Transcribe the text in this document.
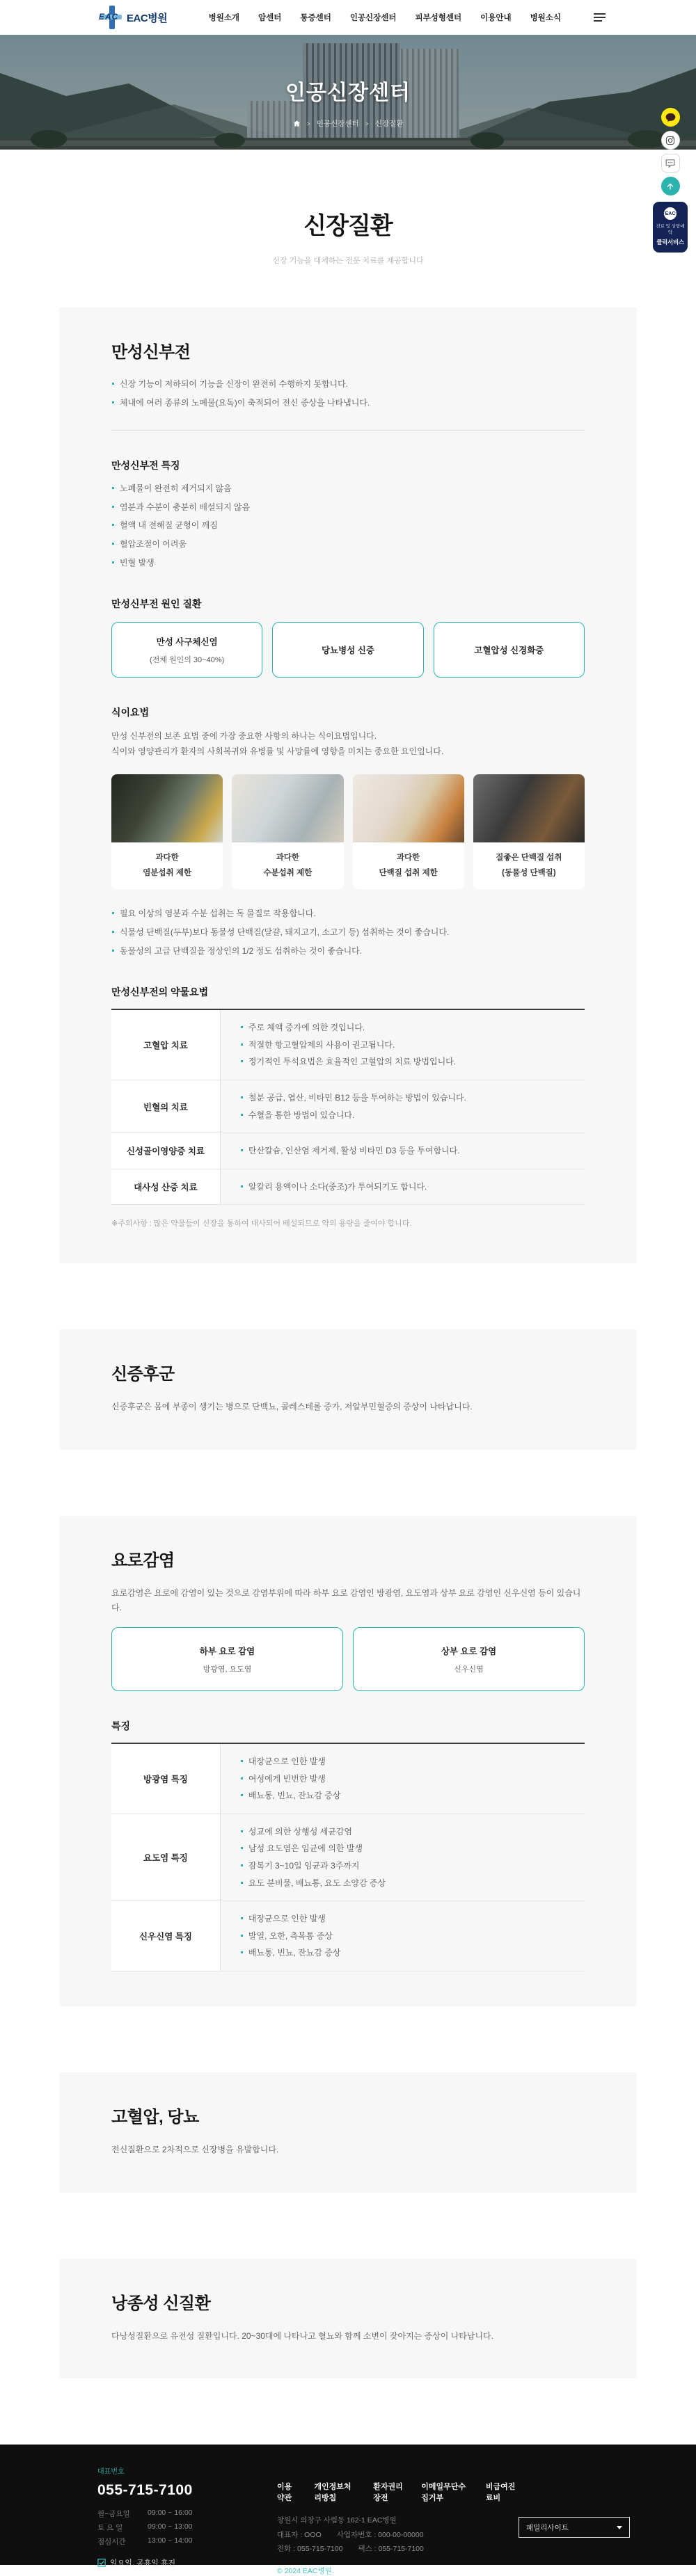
EAC EAC병원	병원소개 암센터 통증센터 인공신장센터 피부성형센터 이용안내 병원소식
인공신장센터
> 인공신장센터 > 신장질환
신장질환

신장 기능을 대체하는 전문 치료를 제공합니다

만성신부전
신장 기능이 저하되어 기능을 신장이 완전히 수행하지 못합니다.
체내에 여러 종류의 노폐물(요독)이 축적되어 전신 증상을 나타냅니다.
만성신부전 특징
노폐물이 완전히 제거되지 않음
염분과 수분이 충분히 배설되지 않음
혈액 내 전해질 균형이 깨짐
혈압조절이 어려움
빈혈 발생
만성신부전 원인 질환
만성 사구체신염
(전체 원인의 30~40%)
당뇨병성 신증	고혈압성 신경화증
식이요법

만성 신부전의 보존 요법 중에 가장 중요한 사항의 하나는 식이요법입니다.

식이와 영양관리가 환자의 사회복귀와 유병률 및 사망률에 영향을 미치는 중요한 요인입니다.

과다한
염분섭취 제한
과다한
수분섭취 제한
과다한
단백질 섭취 제한
질좋은 단백질 섭취
(동물성 단백질)
필요 이상의 염분과 수분 섭취는 독 물질로 작용합니다.
식물성 단백질(두부)보다 동물성 단백질(달걀, 돼지고기, 소고기 등) 섭취하는 것이 좋습니다.
동물성의 고급 단백질을 정상인의 1/2 정도 섭취하는 것이 좋습니다.
만성신부전의 약물요법
고혈압 치료	
주로 체액 증가에 의한 것입니다.
적절한 항고혈압제의 사용이 권고됩니다.
정기적인 투석요법은 효율적인 고혈압의 치료 방법입니다.

빈혈의 치료	
철분 공급, 엽산, 비타민 B12 등을 투여하는 방법이 있습니다.
수혈을 통한 방법이 있습니다.

신성골이영양증 치료	탄산칼슘, 인산염 제거제, 활성 비타민 D3 등을 투여합니다.

대사성 산증 치료	알칼리 용액이나 소다(중조)가 투여되기도 합니다.

※주의사항 : 많은 약물들이 신장을 통하여 대사되어 배설되므로 약의 용량을 줄여야 합니다.

신증후군

신증후군은 몸에 부종이 생기는 병으로 단백뇨, 콜레스테롤 증가, 저알부민혈증의 증상이 나타납니다.

요로감염

요로감염은 요로에 감염이 있는 것으로 감염부위에 따라 하부 요로 감염인 방광염, 요도염과 상부 요로 감염인 신우신염 등이 있습니다.

하부 요로 감염
방광염, 요도염
상부 요로 감염
신우신염
특징
방광염 특징	
대장균으로 인한 발생
여성에게 빈번한 발생
배뇨통, 빈뇨, 잔뇨감 증상

요도염 특징	
성교에 의한 상행성 세균감염
남성 요도염은 임균에 의한 발생
잠복기 3~10일 임균과 3주까지
요도 분비물, 배뇨통, 요도 소양감 증상

신우신염 특징	
대장균으로 인한 발생
발열, 오한, 측복통 증상
배뇨통, 빈뇨, 잔뇨감 증상
고혈압, 당뇨

전신질환으로 2차적으로 신장병을 유발합니다.

낭종성 신질환

다낭성질환으로 유전성 질환입니다. 20~30대에 나타나고 혈뇨와 함께 소변이 잦아지는 증상이 나타납니다.

대표번호
055-715-7100
월~금요일	09:00 ~ 16:00
토 요 일	09:00 ~ 13:00
점심시간	13:00 ~ 14:00
일요일, 공휴일 휴진
이용약관
개인정보처리방침
환자권리장전
이메일무단수집거부
비급여진료비
창원시 의창구 사림동 162-1 EAC병원
대표자 : OOO 사업자번호 : 000-00-00000
전화 : 055-715-7100 팩스 : 055-715-7100
© 2024 EAC병원.
패밀리사이트
EAC
진료 및 상담예약
클릭서비스
